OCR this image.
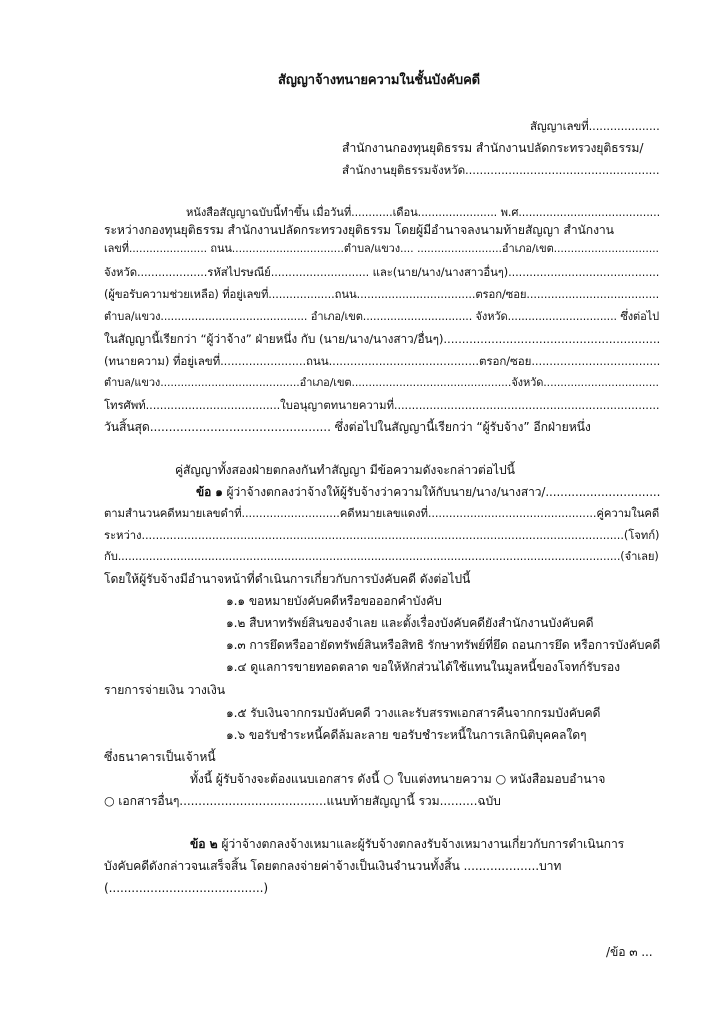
สัญญาจ้างทนายความในชั้นบังคับคดี
สัญญาเลขที่....................
สำนักงานกองทุนยุติธรรม สำนักงานปลัดกระทรวงยุติธรรม/
สำนักงานยุติธรรมจังหวัด......................................................
หนังสือสัญญาฉบับนี้ทำขึ้น เมื่อวันที่............เดือน....................... พ.ศ.........................................
ระหว่างกองทุนยุติธรรม สำนักงานปลัดกระทรวงยุติธรรม โดยผู้มีอำนาจลงนามท้ายสัญญา สำนักงาน
เลขที่....................... ถนน.................................ตำบล/แขวง.... .........................อำเภอ/เขต...............................
จังหวัด....................รหัสไปรษณีย์............................ และ(นาย/นาง/นางสาวอื่นๆ)...........................................
(ผู้ขอรับความช่วยเหลือ) ที่อยู่เลขที่...................ถนน..................................ตรอก/ซอย......................................
ตำบล/แขวง........................................... อำเภอ/เขต................................ จังหวัด................................ ซึ่งต่อไป
ในสัญญานี้เรียกว่า “ผู้ว่าจ้าง” ฝ่ายหนึ่ง กับ (นาย/นาง/นางสาว/อื่นๆ)...........................................................
(ทนายความ) ที่อยู่เลขที่........................ถนน..........................................ตรอก/ซอย....................................
ตำบล/แขวง.........................................อำเภอ/เขต...............................................จังหวัด..................................
โทรศัพท์......................................ใบอนุญาตทนายความที่...........................................................................
วันสิ้นสุด................................................ ซึ่งต่อไปในสัญญานี้เรียกว่า “ผู้รับจ้าง” อีกฝ่ายหนึ่ง
คู่สัญญาทั้งสองฝ่ายตกลงกันทำสัญญา มีข้อความดังจะกล่าวต่อไปนี้
ข้อ ๑ ผู้ว่าจ้างตกลงว่าจ้างให้ผู้รับจ้างว่าความให้กับนาย/นาง/นางสาว/...............................
ตามสำนวนคดีหมายเลขดำที่............................คดีหมายเลขแดงที่................................................คู่ความในคดี
ระหว่าง.........................................................................................................................................(โจทก์)
กับ.................................................................................................................................................(จำเลย)
โดยให้ผู้รับจ้างมีอำนาจหน้าที่ดำเนินการเกี่ยวกับการบังคับคดี ดังต่อไปนี้
๑.๑ ขอหมายบังคับคดีหรือขอออกคำบังคับ
๑.๒ สืบหาทรัพย์สินของจำเลย และตั้งเรื่องบังคับคดียังสำนักงานบังคับคดี
๑.๓ การยึดหรืออายัดทรัพย์สินหรือสิทธิ รักษาทรัพย์ที่ยึด ถอนการยึด หรือการบังคับคดี
๑.๔ ดูแลการขายทอดตลาด ขอให้หักส่วนได้ใช้แทนในมูลหนี้ของโจทก์รับรอง
รายการจ่ายเงิน วางเงิน
๑.๕ รับเงินจากกรมบังคับคดี วางและรับสรรพเอกสารคืนจากกรมบังคับคดี
๑.๖ ขอรับชำระหนี้คดีล้มละลาย ขอรับชำระหนี้ในการเลิกนิติบุคคลใดๆ
ซึ่งธนาคารเป็นเจ้าหนี้
ทั้งนี้ ผู้รับจ้างจะต้องแนบเอกสาร ดังนี้ ○ ใบแต่งทนายความ ○ หนังสือมอบอำนาจ
○ เอกสารอื่นๆ.......................................แนบท้ายสัญญานี้ รวม..........ฉบับ
ข้อ ๒ ผู้ว่าจ้างตกลงจ้างเหมาและผู้รับจ้างตกลงรับจ้างเหมางานเกี่ยวกับการดำเนินการ
บังคับคดีดังกล่าวจนเสร็จสิ้น โดยตกลงจ่ายค่าจ้างเป็นเงินจำนวนทั้งสิ้น ....................บาท
(.........................................)
/ข้อ ๓ ...
